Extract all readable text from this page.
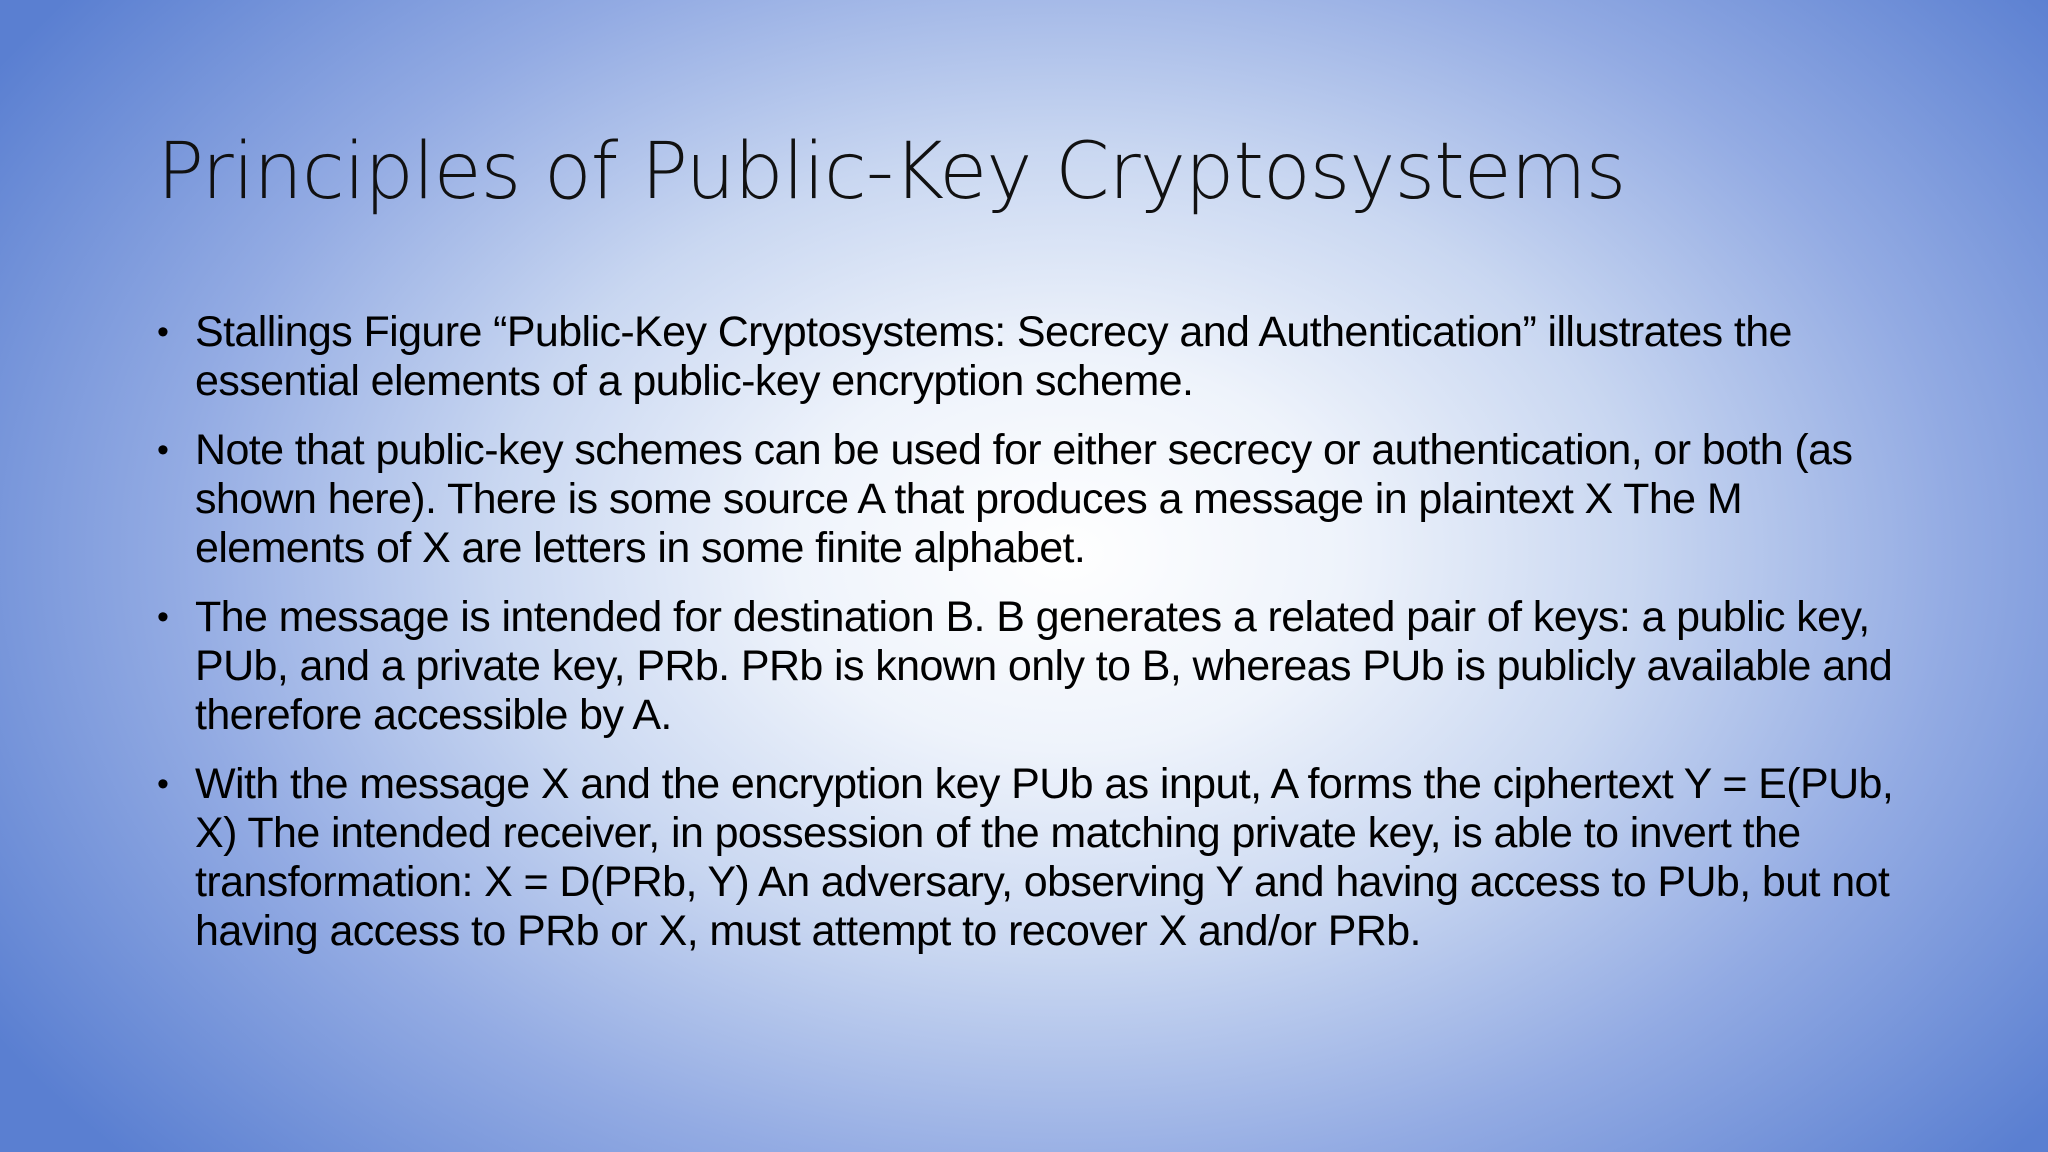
Principles of Public-Key Cryptosystems
• Stallings Figure “Public-Key Cryptosystems: Secrecy and Authentication” illustrates the essential elements of a public-key encryption scheme.
• Note that public-key schemes can be used for either secrecy or authentication, or both (as shown here). There is some source A that produces a message in plaintext X The M elements of X are letters in some finite alphabet.
• The message is intended for destination B. B generates a related pair of keys: a public key, PUb, and a private key, PRb. PRb is known only to B, whereas PUb is publicly available and therefore accessible by A.
• With the message X and the encryption key PUb as input, A forms the ciphertext Y = E(PUb, X) The intended receiver, in possession of the matching private key, is able to invert the transformation: X = D(PRb, Y) An adversary, observing Y and having access to PUb, but not having access to PRb or X, must attempt to recover X and/or PRb.
